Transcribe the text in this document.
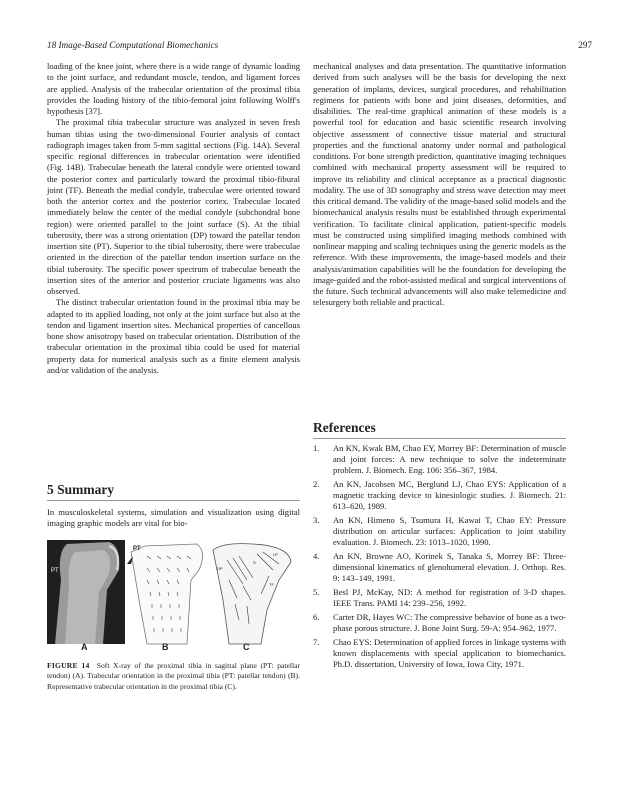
18 Image-Based Computational Biomechanics	297

loading of the knee joint, where there is a wide range of dynamic loading to the joint surface, and redundant muscle, tendon, and ligament forces are applied. Analysis of the trabecular orientation of the proximal tibia provides the loading history of the tibio-femoral joint following Wolff's hypothesis [37].

The proximal tibia trabecular structure was analyzed in seven fresh human tibias using the two-dimensional Fourier analysis of contact radiograph images taken from 5-mm sagittal sections (Fig. 14A). Several specific regional differences in trabecular orientation were identified (Fig. 14B). Trabeculae beneath the lateral condyle were oriented toward the posterior cortex and particularly toward the proximal tibio-fibural joint (TF). Beneath the medial condyle, trabeculae were oriented toward both the anterior cortex and the posterior cortex. Trabeculae located immediately below the center of the medial condyle (subchondral bone region) were oriented parallel to the joint surface (S). At the tibial tuberosity, there was a strong orientation (DP) toward the patellar tendon insertion site (PT). Superior to the tibial tuberosity, there were trabeculae oriented in the direction of the patellar tendon insertion surface on the tibial tuberosity. The specific power spectrum of trabeculae beneath the insertion sites of the anterior and posterior cruciate ligaments was also observed.

The distinct trabecular orientation found in the proximal tibia may be adapted to its applied loading, not only at the joint surface but also at the tendon and ligament insertion sites. Mechanical properties of cancellous bone show anisotropy based on trabecular orientation. Distribution of the trabecular orientation in the proximal tibia could be used for material property data for numerical analysis such as a finite element analysis and/or validation of the analysis.

5 Summary
In musculoskeletal systems, simulation and visualization using digital imaging graphic models are vital for bio-
PT
PT
DP
LP
S
TF
A	B	C
FIGURE 14 Soft X-ray of the proximal tibia in sagittal plane (PT: patellar tendon) (A). Trabecular orientation in the proximal tibia (PT: patellar tendon) (B). Representative trabecular orientation in the proximal tibia (C).

mechanical analyses and data presentation. The quantitative information derived from such analyses will be the basis for developing the next generation of implants, devices, surgical procedures, and rehabilitation regimens for patients with bone and joint diseases, deformities, and disabilities. The real-time graphical animation of these models is a powerful tool for education and basic scientific research involving objective assessment of connective tissue material and structural properties and the functional anatomy under normal and pathological conditions. For bone strength prediction, quantitative imaging techniques combined with mechanical property assessment will be required to improve its reliability and clinical acceptance as a practical diagnostic modality. The use of 3D sonography and stress wave detection may meet this critical demand. The validity of the image-based solid models and the biomechanical analysis results must be established through experimental verification. To facilitate clinical application, patient-specific models must be constructed using simplified imaging methods combined with nonlinear mapping and scaling techniques using the generic models as the reference. With these improvements, the image-based models and their analysis/animation capabilities will be the foundation for developing the image-guided and the robot-assisted medical and surgical interventions of the future. Such technical advancements will also make telemedicine and telesurgery both reliable and practical.

References
1. An KN, Kwak BM, Chao EY, Morrey BF: Determination of muscle and joint forces: A new technique to solve the indeterminate problem. J. Biomech. Eng. 106: 356–367, 1984.
2. An KN, Jacobsen MC, Berglund LJ, Chao EYS: Application of a magnetic tracking device to kinesiologic studies. J. Biomech. 21: 613–620, 1989.
3. An KN, Himeno S, Tsumura H, Kawai T, Chao EY: Pressure distribution on articular surfaces: Application to joint stability evaluation. J. Biomech. 23: 1013–1020, 1990.
4. An KN, Browne AO, Korinek S, Tanaka S, Morrey BF: Three-dimensional kinematics of glenohumeral elevation. J. Orthop. Res. 9: 143–149, 1991.
5. Besl PJ, McKay, ND: A method for registration of 3-D shapes. IEEE Trans. PAMI 14: 239–256, 1992.
6. Carter DR, Hayes WC: The compressive behavior of bone as a two-phase porous structure. J. Bone Joint Surg. 59-A: 954–962, 1977.
7. Chao EYS: Determination of applied forces in linkage systems with known displacements with special application to biomechanics. Ph.D. dissertation, University of Iowa, Iowa City, 1971.
